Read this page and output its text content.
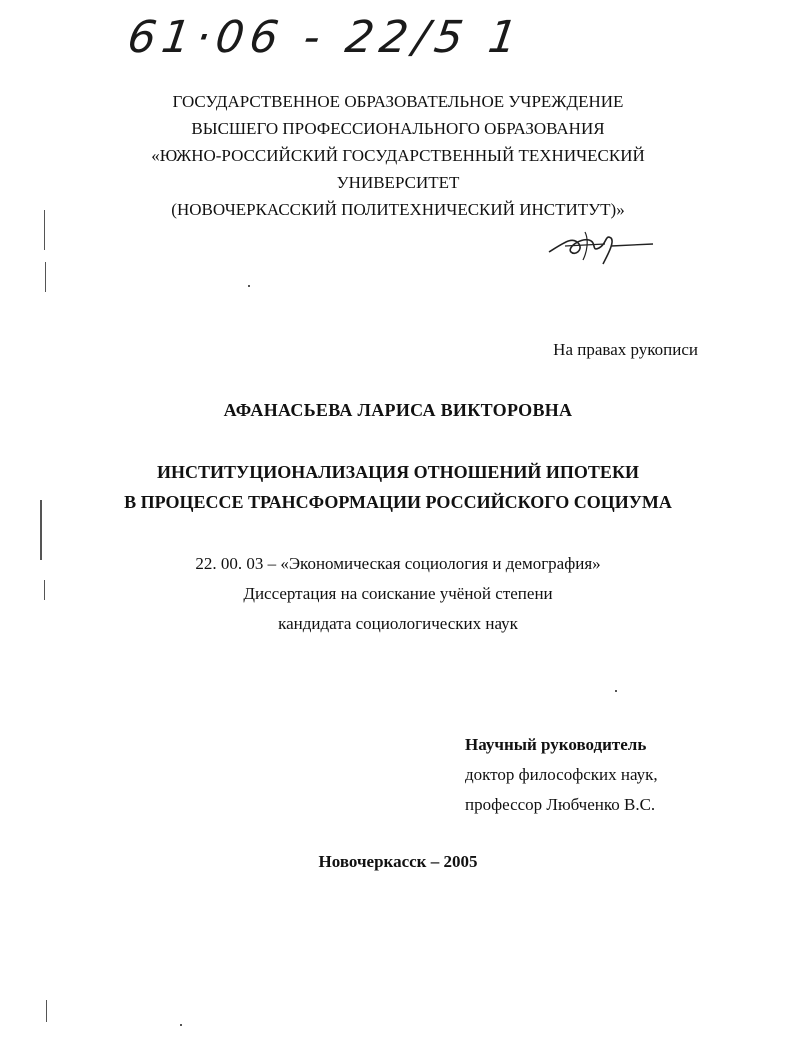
61·06 - 22/5 1
ГОСУДАРСТВЕННОЕ ОБРАЗОВАТЕЛЬНОЕ УЧРЕЖДЕНИЕ
ВЫСШЕГО ПРОФЕССИОНАЛЬНОГО ОБРАЗОВАНИЯ
«ЮЖНО-РОССИЙСКИЙ ГОСУДАРСТВЕННЫЙ ТЕХНИЧЕСКИЙ
УНИВЕРСИТЕТ
(НОВОЧЕРКАССКИЙ ПОЛИТЕХНИЧЕСКИЙ ИНСТИТУТ)»
На правах рукописи
АФАНАСЬЕВА ЛАРИСА ВИКТОРОВНА
ИНСТИТУЦИОНАЛИЗАЦИЯ ОТНОШЕНИЙ ИПОТЕКИ
В ПРОЦЕССЕ ТРАНСФОРМАЦИИ РОССИЙСКОГО СОЦИУМА
22. 00. 03 – «Экономическая социология и демография»
Диссертация на соискание учёной степени
кандидата социологических наук
Научный руководитель
доктор философских наук,
профессор Любченко В.С.
Новочеркасск – 2005
